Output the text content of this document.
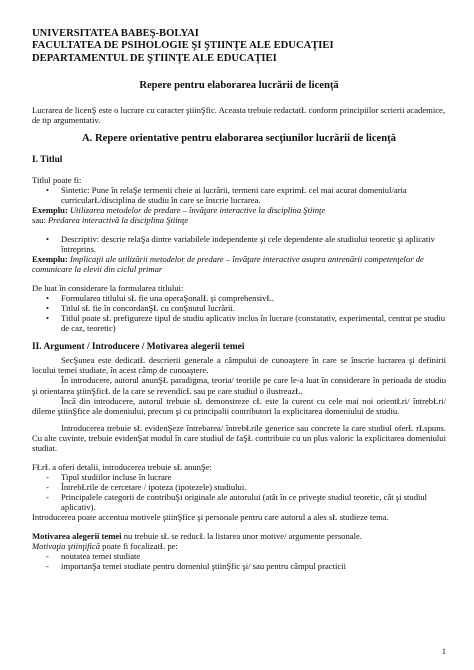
UNIVERSITATEA BABEŞ-BOLYAI

FACULTATEA DE PSIHOLOGIE ŞI ŞTIINŢE ALE EDUCAŢIEI

DEPARTAMENTUL DE ŞTIINŢE ALE EDUCAŢIEI

Repere pentru elaborarea lucrării de licenţă

Lucrarea de licenŞ este o lucrare cu caracter ştiinŞfic. Aceasta trebuie redactatŁ conform principiilor scrierii academice, de tip argumentativ.

A. Repere orientative pentru elaborarea secţiunilor lucrării de licenţă

I. Titlul

Titlul poate fi:

• Sintetic: Pune în relaŞe termenii cheie ai lucrării, termeni care exprimŁ cel mai acurat domeniul/aria curricularŁ/disciplina de studiu în care se înscrie lucrarea.

Exemplu: Utilizarea metodelor de predare – învăţare interactive la disciplina Ştiinţe

sau: Predarea interactivă la disciplina Ştiinţe

• Descriptiv: descrie relaŞa dintre variabilele independente şi cele dependente ale studiului teoretic şi aplicativ întreprins.

Exemplu: Implicaţii ale utilizării metodelor de predare – învăţare interactive asupra antrenării competenţelor de comunicare la elevii din ciclul primar

De luat în considerare la formularea titlului:

• Formularea titlului sŁ fie una operaŞonalŁ şi comprehensivŁ.
• Titlul sŁ fie în concordanŞŁ cu conŞnutul lucrării.
• Titlul poate sŁ prefigureze tipul de studiu aplicativ inclus în lucrare (constatativ, experimental, centrat pe studiu de caz, teoretic)

II. Argument / Introducere / Motivarea alegerii temei

SecŞunea este dedicatŁ descrierii generale a câmpului de cunoaştere în care se înscrie lucrarea şi definirii locului temei studiate, în acest câmp de cunoaştere.

În introducere, autorul anunŞŁ paradigma, teoria/ teoriile pe care le-a luat în considerare în perioada de studiu şi orientarea ştiinŞficŁ de la care se revendicŁ sau pe care studiul o ilustreazŁ.

Încă din introducere, autorul trebuie sŁ demonstreze cŁ este la curent cu cele mai noi orientŁri/ întrebŁri/ dileme ştiinŞfice ale domeniului, precum şi cu principalii contributori la explicitarea domeniului de studiu.

Introducerea trebuie sŁ evidenŞeze întrebarea/ întrebŁrile generice sau concrete la care studiul oferŁ rŁspuns. Cu alte cuvinte, trebuie evidenŞat modul în care studiul de faŞŁ contribuie cu un plus valoric la explicitarea domeniului studiat.

FŁrŁ a oferi detalii, introducerea trebuie sŁ anunŞe:

- Tipul studiilor incluse în lucrare
- ÎntrebŁrile de cercetare / ipoteza (ipotezele) studiului.
- Principalele categorii de contribuŞi originale ale autorului (atât în ce priveşte studiul teoretic, cât şi studiul aplicativ).

Introducerea poate accentua motivele ştiinŞfice şi personale pentru care autorul a ales sŁ studieze tema.

Motivarea alegerii temei nu trebuie sŁ se reducŁ la listarea unor motive/ argumente personale.

Motivaţia ştiinţifică poate fi focalizatŁ pe:

- noutatea temei studiate
- importanŞa temei studiate pentru domeniul ştiinŞfic şi/ sau pentru câmpul practicii
1
